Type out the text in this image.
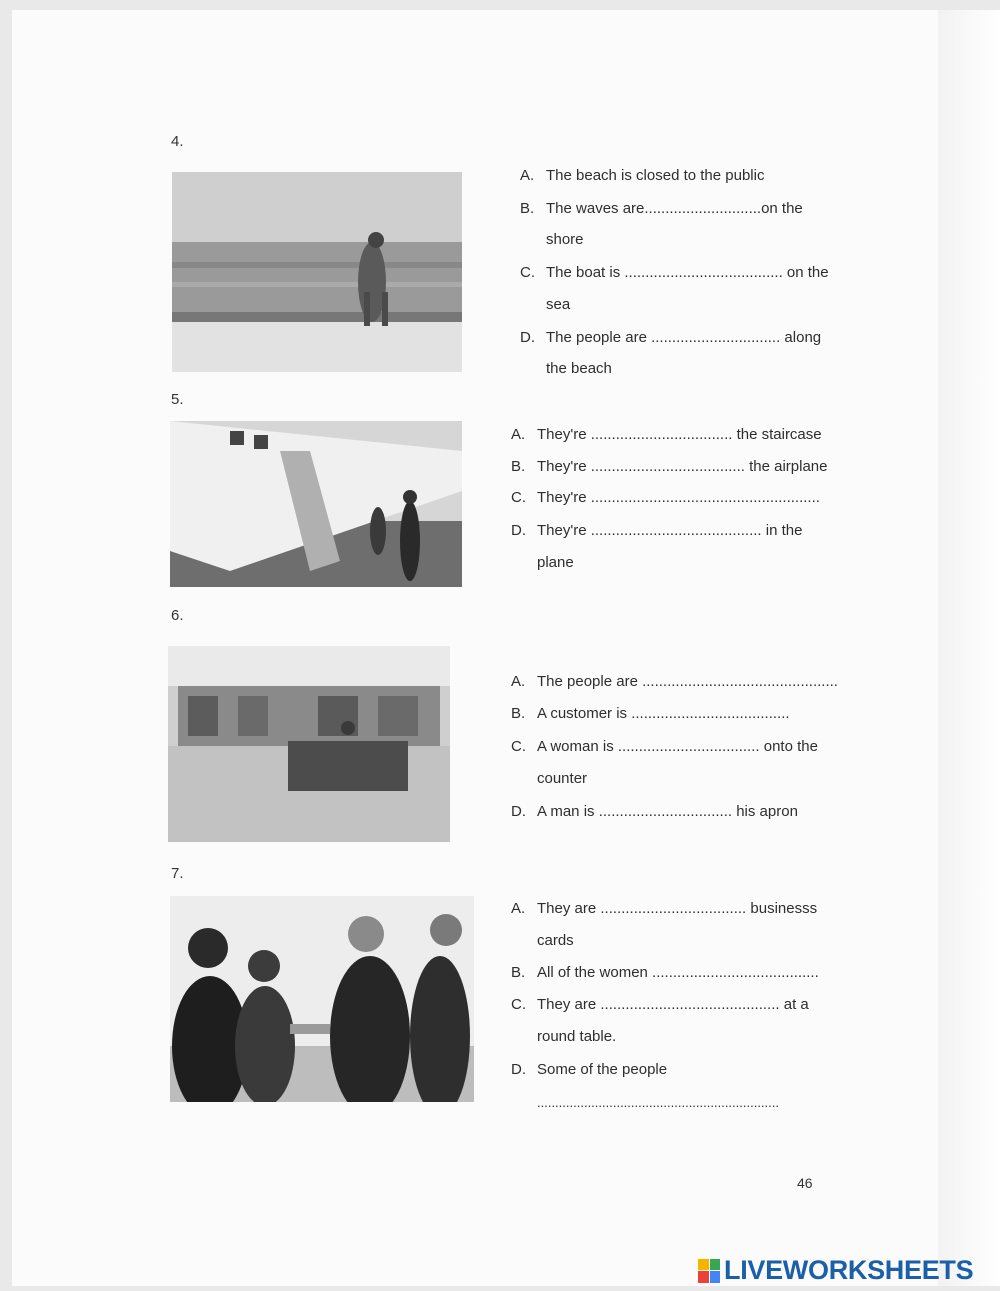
4.
A. The beach is closed to the public
B. The waves are............................on the
shore
C. The boat is ...................................... on the
sea
D. The people are ............................... along
the beach
5.
A. They're .................................. the staircase
B. They're ..................................... the airplane
C. They're .......................................................
D. They're ......................................... in the
plane
6.
A. The people are ...............................................
B. A customer is ......................................
C. A woman is .................................. onto the
counter
D. A man is ................................ his apron
7.
A. They are ................................... businesss
cards
B. All of the women ........................................
C. They are ........................................... at a
round table.
D. Some of the people
...................................................................
46
LIVEWORKSHEETS
